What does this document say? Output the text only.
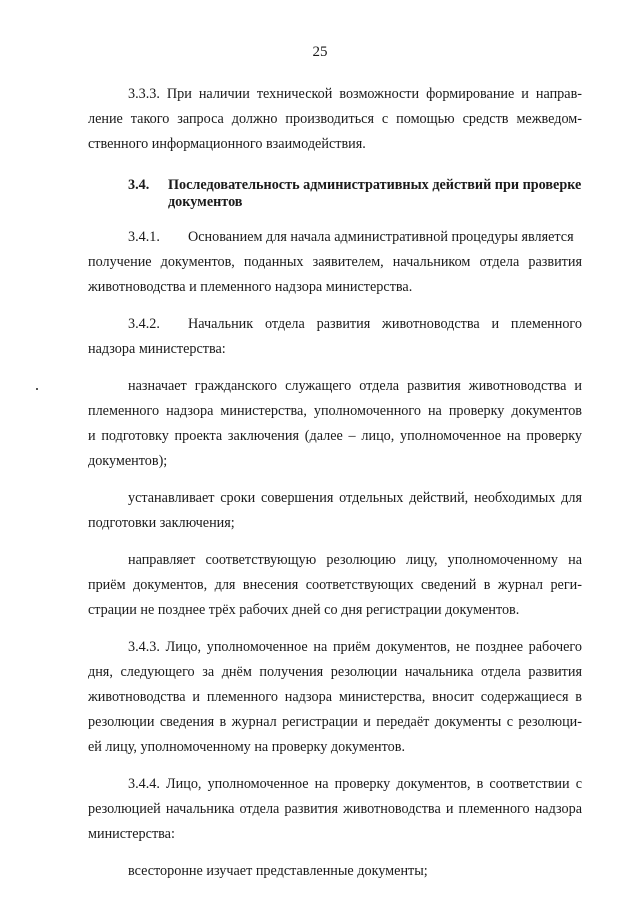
25
3.3.3. При наличии технической возможности формирование и направ-
ление такого запроса должно производиться с помощью средств межведом-
ственного информационного взаимодействия.
3.4.	Последовательность административных действий при проверке документов
3.4.1. Основанием для начала административной процедуры является
получение документов, поданных заявителем, начальником отдела развития
животноводства и племенного надзора министерства.
3.4.2.	Начальник отдела развития животноводства и племенного
надзора министерства:
назначает гражданского служащего отдела развития животноводства и
племенного надзора министерства, уполномоченного на проверку документов
и подготовку проекта заключения (далее – лицо, уполномоченное на проверку
документов);
устанавливает сроки совершения отдельных действий, необходимых для
подготовки заключения;
направляет соответствующую резолюцию лицу, уполномоченному на
приём документов, для внесения соответствующих сведений в журнал реги-
страции не позднее трёх рабочих дней со дня регистрации документов.
3.4.3. Лицо, уполномоченное на приём документов, не позднее рабочего
дня, следующего за днём получения резолюции начальника отдела развития
животноводства и племенного надзора министерства, вносит содержащиеся в
резолюции сведения в журнал регистрации и передаёт документы с резолюци-
ей лицу, уполномоченному на проверку документов.
3.4.4. Лицо, уполномоченное на проверку документов, в соответствии с
резолюцией начальника отдела развития животноводства и племенного надзора
министерства:
всесторонне изучает представленные документы;
